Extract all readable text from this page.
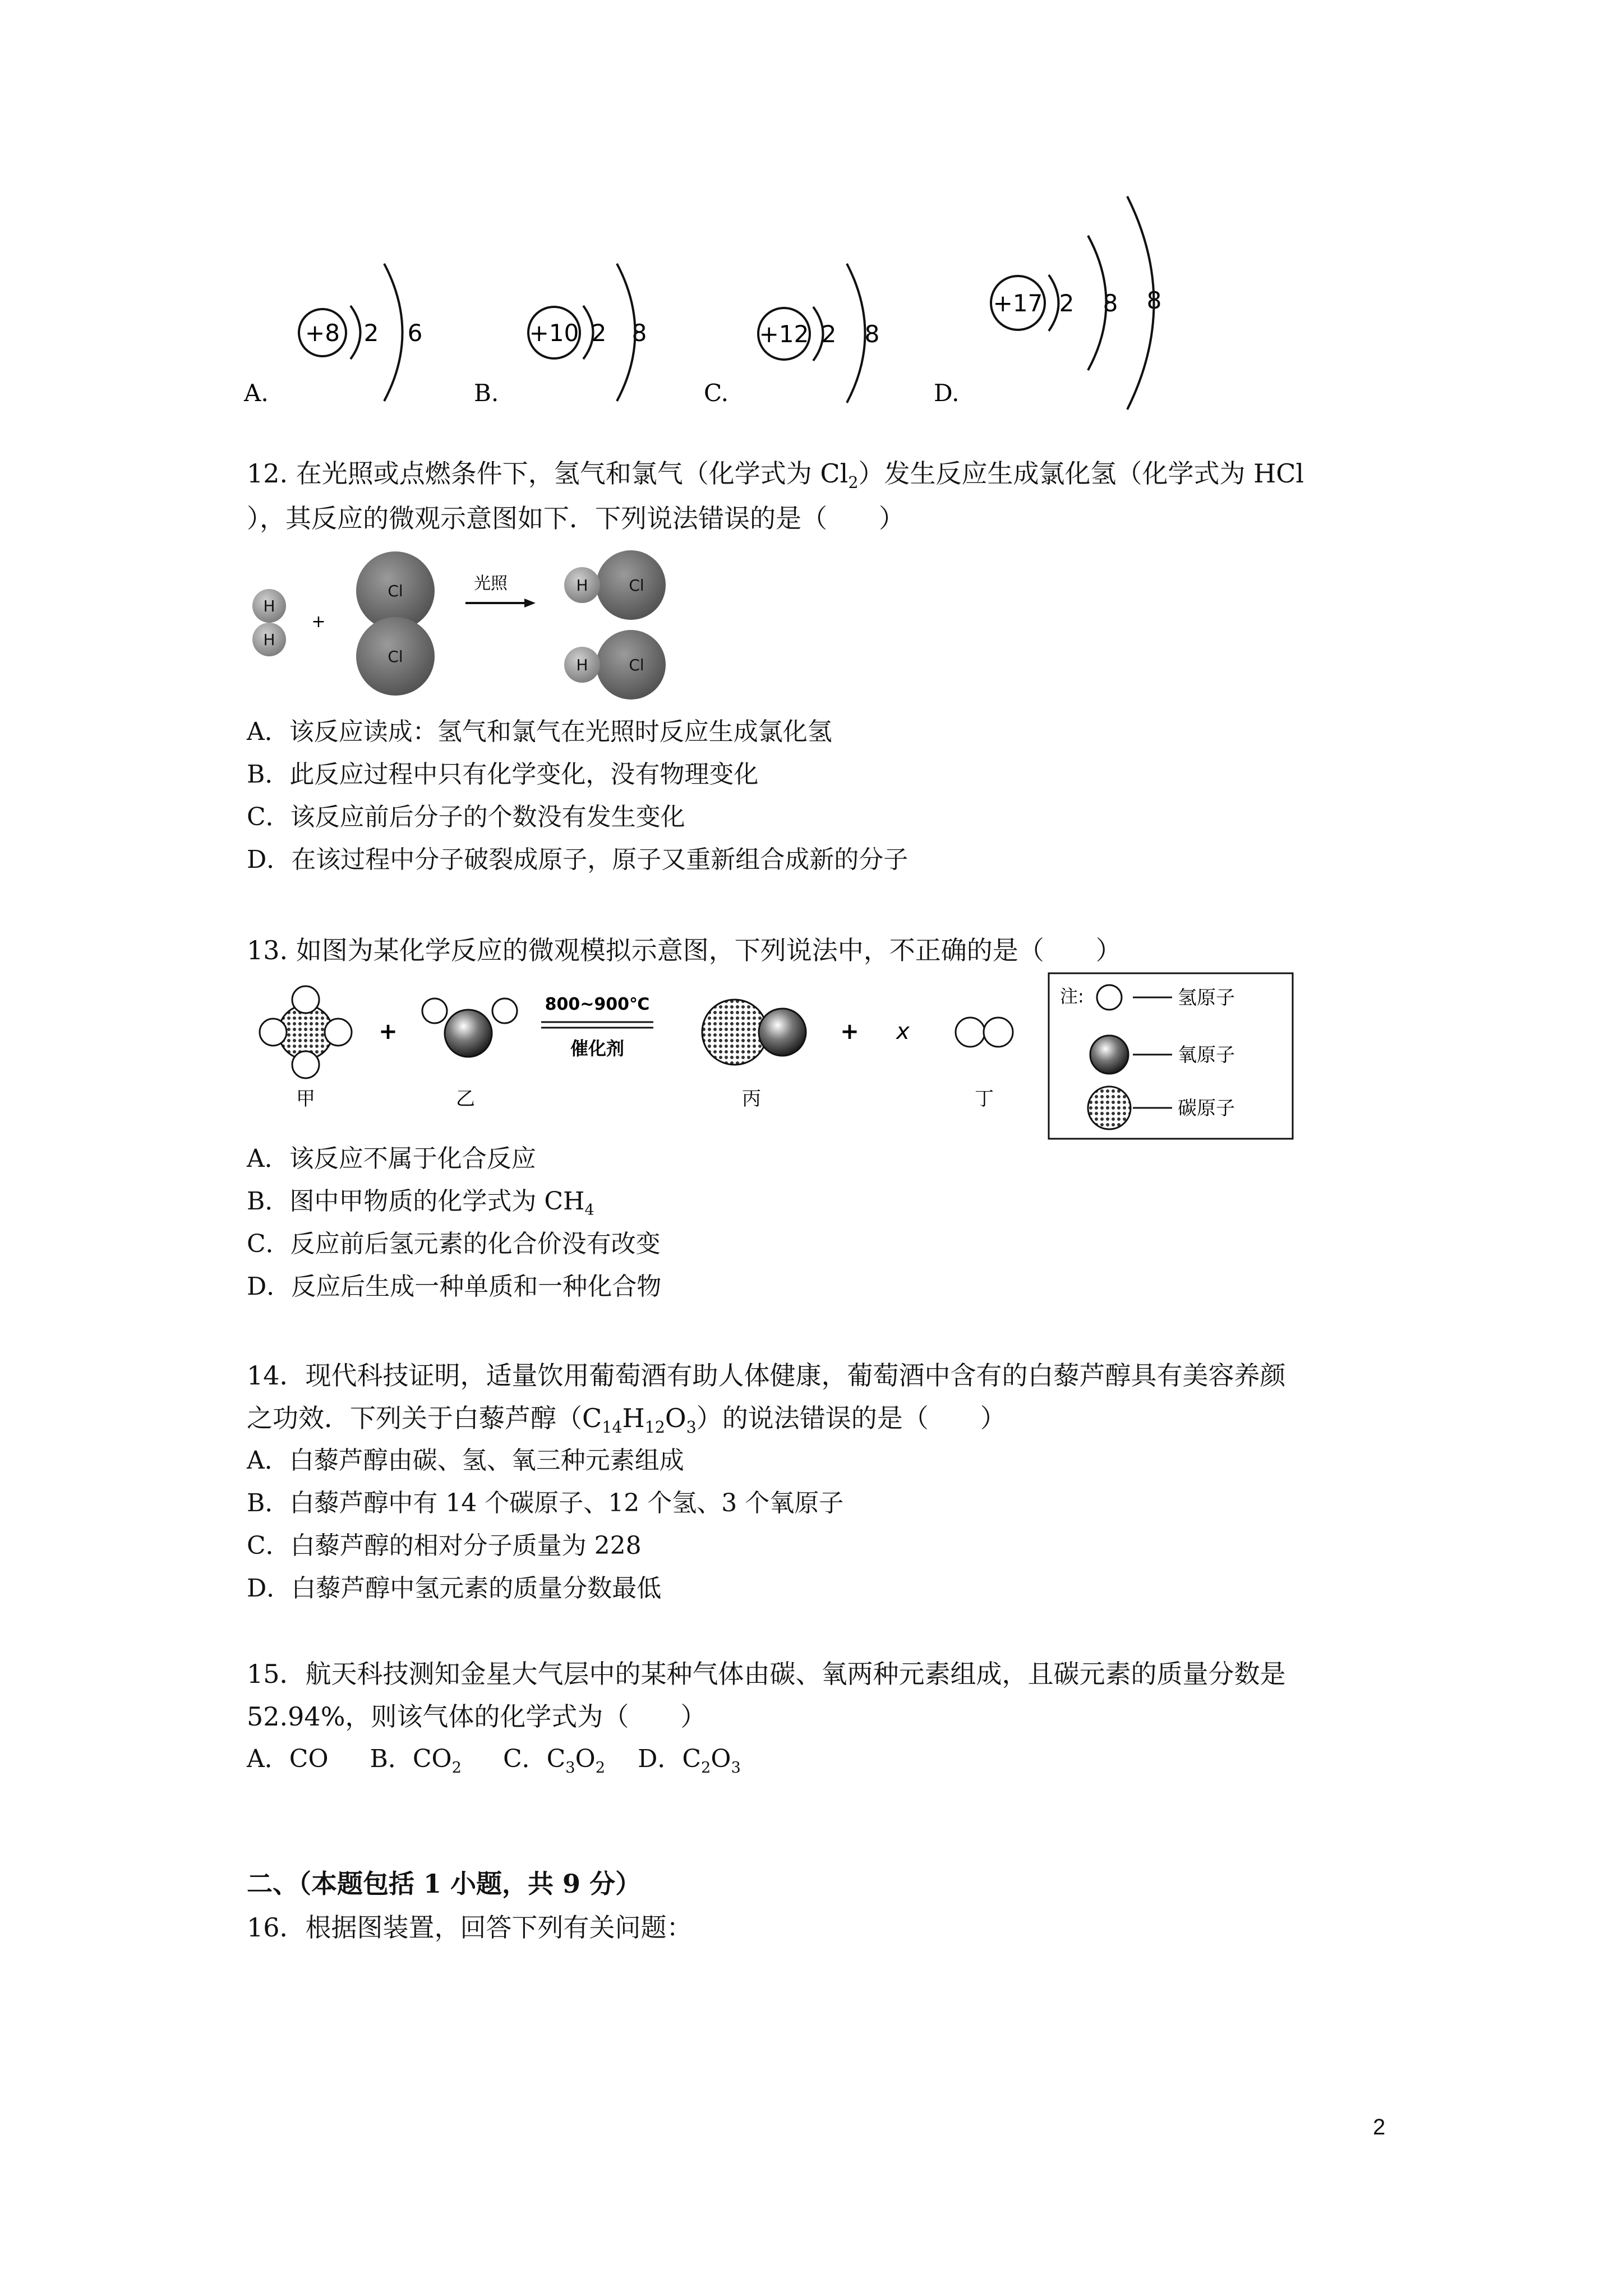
A.
+8 2 6
B.
+10 2 8
C.
+12 2 8
D.
+17 2 8 8
12. 在光照或点燃条件下，氢气和氯气（化学式为 $Cl_2$）发生反应生成氯化氢（化学式为 HCl
），其反应的微观示意图如下．下列说法错误的是（　　）
H
H
+
Cl
Cl
光照	H	Cl
H	Cl
A．该反应读成：氢气和氯气在光照时反应生成氯化氢
B．此反应过程中只有化学变化，没有物理变化
C．该反应前后分子的个数没有发生变化
D．在该过程中分子破裂成原子，原子又重新组合成新的分子
13. 如图为某化学反应的微观模拟示意图，下列说法中，不正确的是（　　）
甲
+
乙
800~900℃
催化剂
丙
+ x
丁
注:	氢原子
氧原子
碳原子
A．该反应不属于化合反应
B．图中甲物质的化学式为 $CH_4$
C．反应前后氢元素的化合价没有改变
D．反应后生成一种单质和一种化合物
14．现代科技证明，适量饮用葡萄酒有助人体健康，葡萄酒中含有的白藜芦醇具有美容养颜
之功效．下列关于白藜芦醇$(C_{14}H_{12}O_3)$的说法错误的是（　　）
A．白藜芦醇由碳、氢、氧三种元素组成
B．白藜芦醇中有 14 个碳原子、12 个氢、3 个氧原子
C．白藜芦醇的相对分子质量为 228
D．白藜芦醇中氢元素的质量分数最低
15．航天科技测知金星大气层中的某种气体由碳、氧两种元素组成，且碳元素的质量分数是
52.94%，则该气体的化学式为（　　）
A．CO B．$CO_2$ C．$C_3O_2$ D．$C_2O_3$
二、（本题包括 1 小题，共 9 分）
16．根据图装置，回答下列有关问题：
2
